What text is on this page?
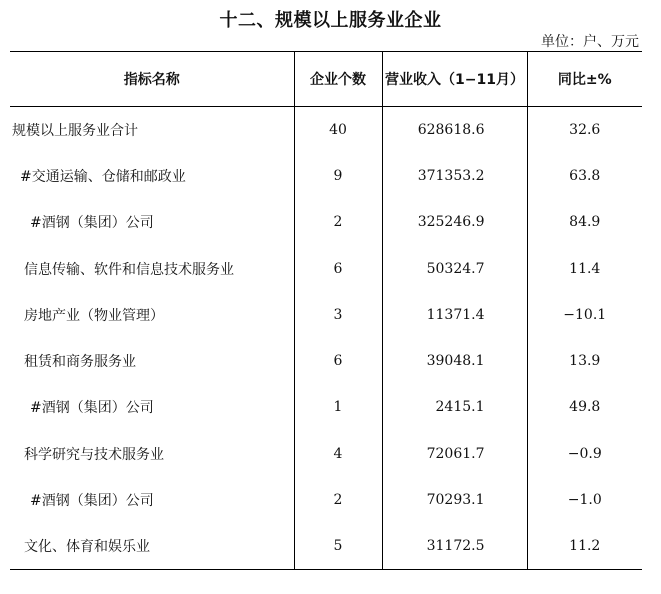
十二、规模以上服务业企业
单位：户、万元
指标名称	企业个数	营业收入（1−11月）	同比±%
规模以上服务业合计	40	628618.6	32.6
#交通运输、仓储和邮政业	9	371353.2	63.8
#酒钢（集团）公司	2	325246.9	84.9
信息传输、软件和信息技术服务业	6	50324.7	11.4
房地产业（物业管理）	3	11371.4	−10.1
租赁和商务服务业	6	39048.1	13.9
#酒钢（集团）公司	1	2415.1	49.8
科学研究与技术服务业	4	72061.7	−0.9
#酒钢（集团）公司	2	70293.1	−1.0
文化、体育和娱乐业	5	31172.5	11.2
